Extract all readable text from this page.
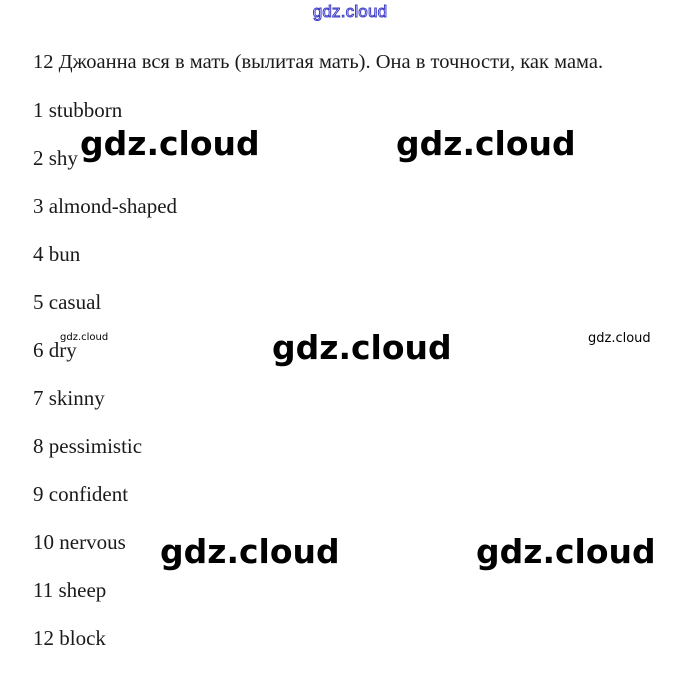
gdz.cloud

12 Джоанна вся в мать (вылитая мать). Она в точности, как мама.

1 stubborn
2 shy
3 almond-shaped
4 bun
5 casual
6 dry
7 skinny
8 pessimistic
9 confident
10 nervous
11 sheep
12 block
gdz.cloud	gdz.cloud
gdz.cloud
gdz.cloud	gdz.cloud
gdz.cloud	gdz.cloud
